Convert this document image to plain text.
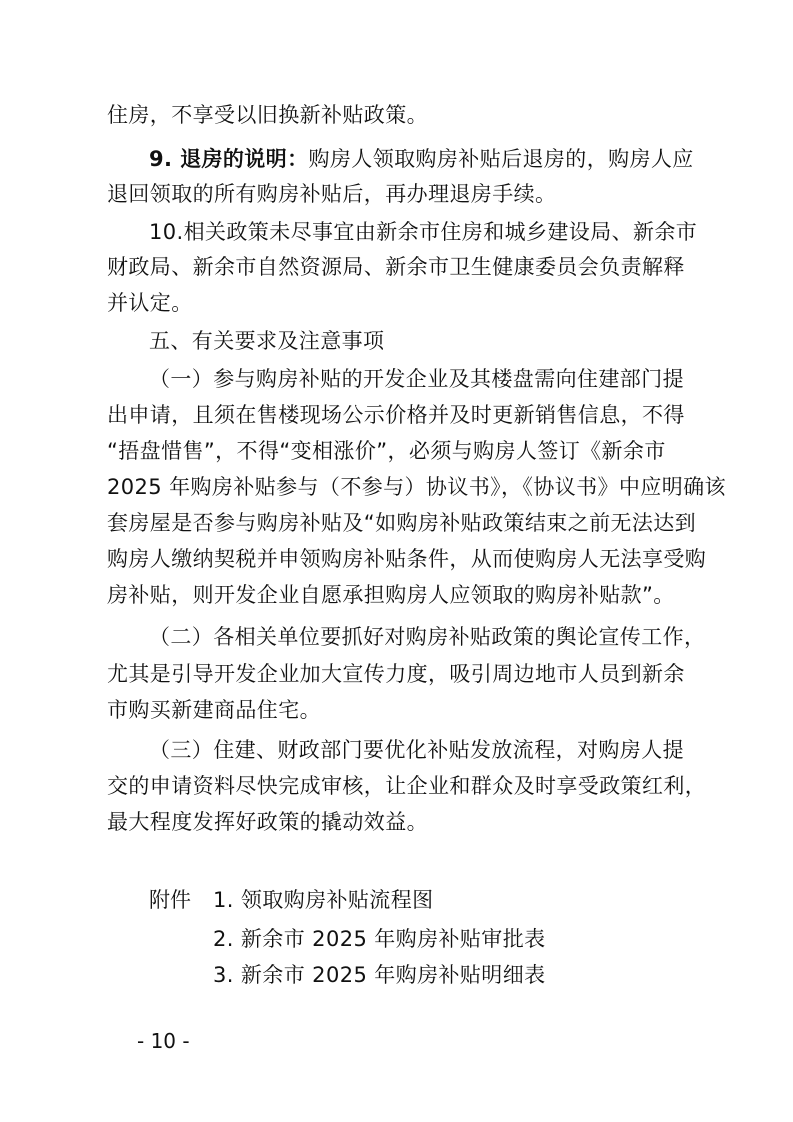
住房，不享受以旧换新补贴政策。
9. 退房的说明：购房人领取购房补贴后退房的，购房人应
退回领取的所有购房补贴后，再办理退房手续。
10.相关政策未尽事宜由新余市住房和城乡建设局、新余市
财政局、新余市自然资源局、新余市卫生健康委员会负责解释
并认定。
五、有关要求及注意事项
（一）参与购房补贴的开发企业及其楼盘需向住建部门提
出申请，且须在售楼现场公示价格并及时更新销售信息，不得
“捂盘惜售”，不得“变相涨价”，必须与购房人签订《新余市
2025 年购房补贴参与（不参与）协议书》，《协议书》中应明确该
套房屋是否参与购房补贴及“如购房补贴政策结束之前无法达到
购房人缴纳契税并申领购房补贴条件，从而使购房人无法享受购
房补贴，则开发企业自愿承担购房人应领取的购房补贴款”。
（二）各相关单位要抓好对购房补贴政策的舆论宣传工作，
尤其是引导开发企业加大宣传力度，吸引周边地市人员到新余
市购买新建商品住宅。
（三）住建、财政部门要优化补贴发放流程，对购房人提
交的申请资料尽快完成审核，让企业和群众及时享受政策红利，
最大程度发挥好政策的撬动效益。
附件 1. 领取购房补贴流程图
2. 新余市 2025 年购房补贴审批表
3. 新余市 2025 年购房补贴明细表
- 10 -
